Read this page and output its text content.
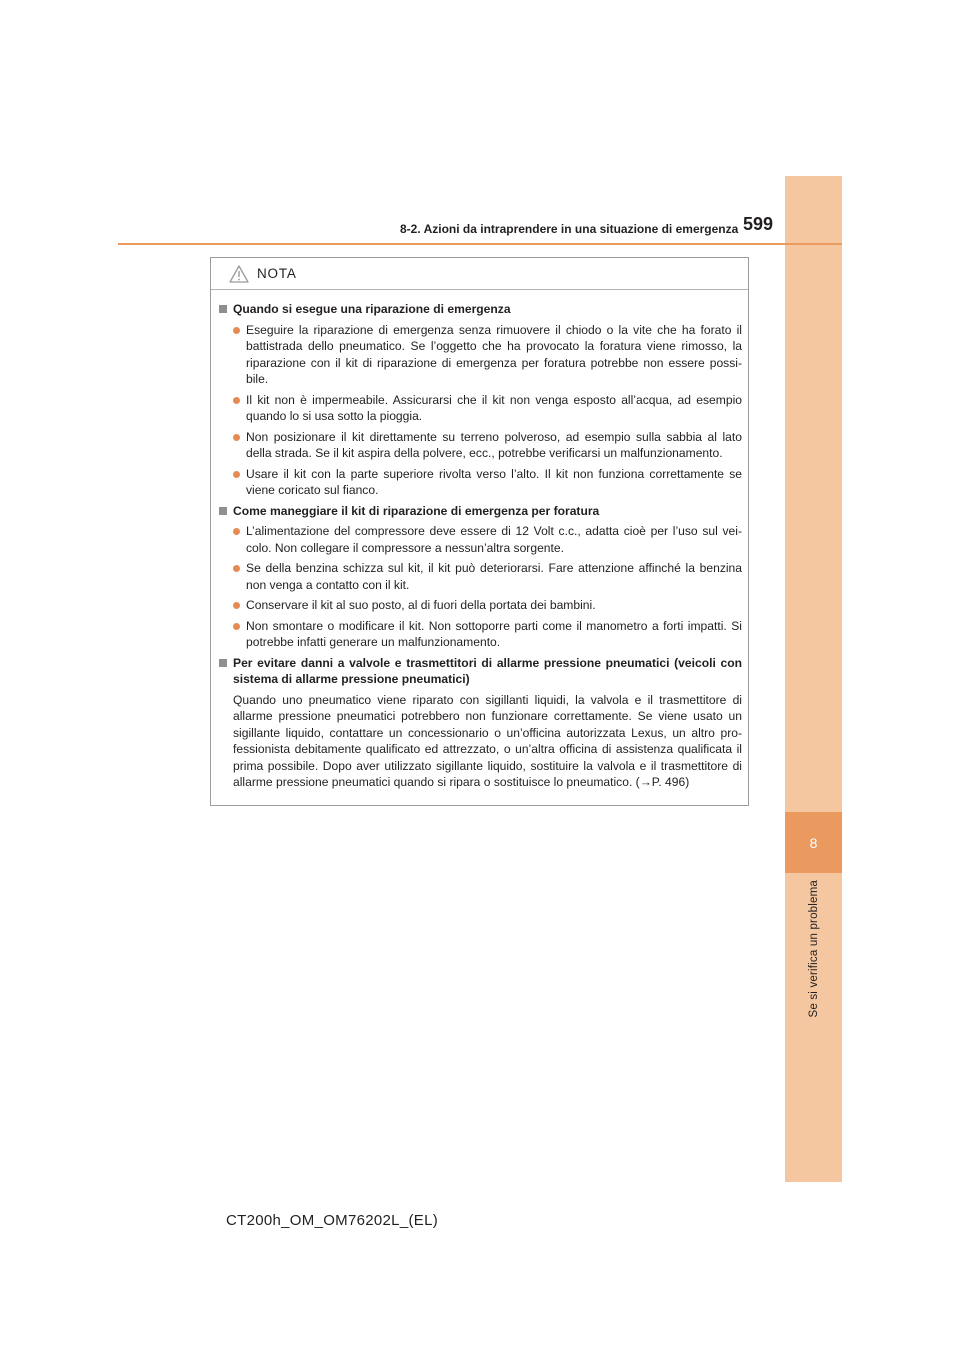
8
Se si verifica un problema
8-2. Azioni da intraprendere in una situazione di emergenza 599
NOTA
Quando si esegue una riparazione di emergenza
Eseguire la riparazione di emergenza senza rimuovere il chiodo o la vite che ha forato il battistrada dello pneumatico. Se l’oggetto che ha provocato la foratura viene rimosso, la riparazione con il kit di riparazione di emergenza per foratura potrebbe non essere possi-bile.
Il kit non è impermeabile. Assicurarsi che il kit non venga esposto all’acqua, ad esempio quando lo si usa sotto la pioggia.
Non posizionare il kit direttamente su terreno polveroso, ad esempio sulla sabbia al lato della strada. Se il kit aspira della polvere, ecc., potrebbe verificarsi un malfunzionamento.
Usare il kit con la parte superiore rivolta verso l’alto. Il kit non funziona correttamente se viene coricato sul fianco.
Come maneggiare il kit di riparazione di emergenza per foratura
L’alimentazione del compressore deve essere di 12 Volt c.c., adatta cioè per l’uso sul vei-colo. Non collegare il compressore a nessun’altra sorgente.
Se della benzina schizza sul kit, il kit può deteriorarsi. Fare attenzione affinché la benzina non venga a contatto con il kit.
Conservare il kit al suo posto, al di fuori della portata dei bambini.
Non smontare o modificare il kit. Non sottoporre parti come il manometro a forti impatti. Si potrebbe infatti generare un malfunzionamento.
Per evitare danni a valvole e trasmettitori di allarme pressione pneumatici (veicoli con sistema di allarme pressione pneumatici)

Quando uno pneumatico viene riparato con sigillanti liquidi, la valvola e il trasmettitore di allarme pressione pneumatici potrebbero non funzionare correttamente. Se viene usato un sigillante liquido, contattare un concessionario o un’officina autorizzata Lexus, un altro pro-fessionista debitamente qualificato ed attrezzato, o un’altra officina di assistenza qualificata il prima possibile. Dopo aver utilizzato sigillante liquido, sostituire la valvola e il trasmettitore di allarme pressione pneumatici quando si ripara o sostituisce lo pneumatico. (→P. 496)

CT200h_OM_OM76202L_(EL)
